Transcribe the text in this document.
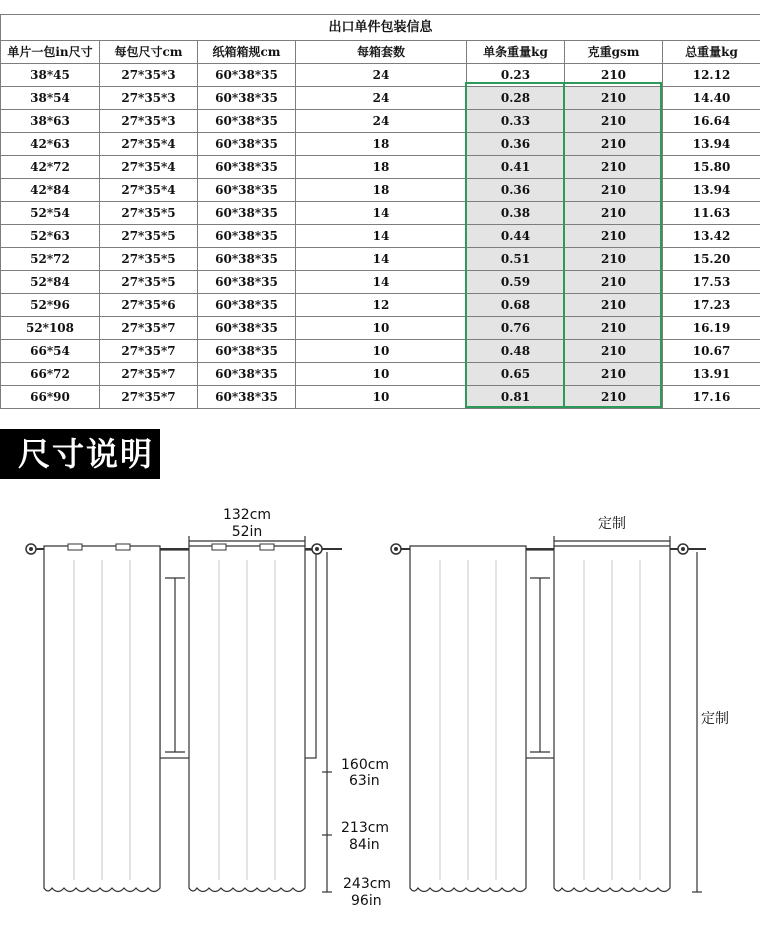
出口单件包装信息						
单片一包in尺寸	每包尺寸cm	纸箱箱规cm	每箱套数	单条重量kg	克重gsm	总重量kg
38*45	27*35*3	60*38*35	24	0.23	210	12.12
38*54	27*35*3	60*38*35	24	0.28	210	14.40
38*63	27*35*3	60*38*35	24	0.33	210	16.64
42*63	27*35*4	60*38*35	18	0.36	210	13.94
42*72	27*35*4	60*38*35	18	0.41	210	15.80
42*84	27*35*4	60*38*35	18	0.36	210	13.94
52*54	27*35*5	60*38*35	14	0.38	210	11.63
52*63	27*35*5	60*38*35	14	0.44	210	13.42
52*72	27*35*5	60*38*35	14	0.51	210	15.20
52*84	27*35*5	60*38*35	14	0.59	210	17.53
52*96	27*35*6	60*38*35	12	0.68	210	17.23
52*108	27*35*7	60*38*35	10	0.76	210	16.19
66*54	27*35*7	60*38*35	10	0.48	210	10.67
66*72	27*35*7	60*38*35	10	0.65	210	13.91
66*90	27*35*7	60*38*35	10	0.81	210	17.16
尺寸说明
132cm
52in
160cm
63in
213cm
84in
243cm
96in
定制
定制
